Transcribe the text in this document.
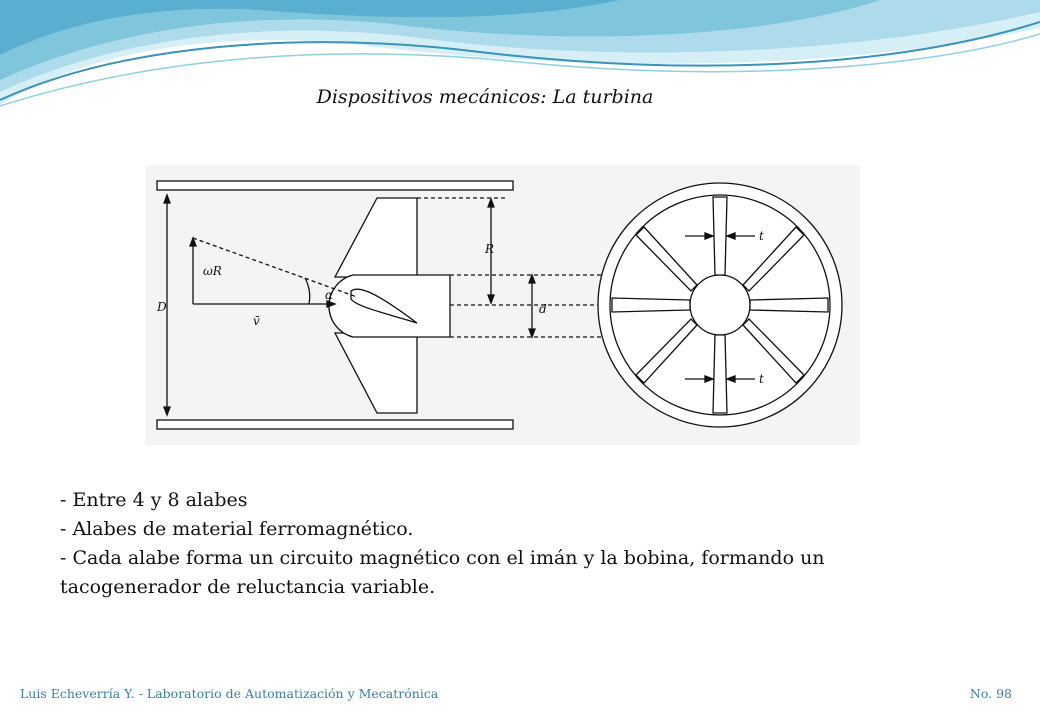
Dispositivos mecánicos: La turbina
D
ωR
v̄
α
R
d
t
t
- Entre 4 y 8 alabes
- Alabes de material ferromagnético.
- Cada alabe forma un circuito magnético con el imán y la bobina, formando un
tacogenerador de reluctancia variable.
Luis Echeverría Y. - Laboratorio de Automatización y Mecatrónica	No. 98
